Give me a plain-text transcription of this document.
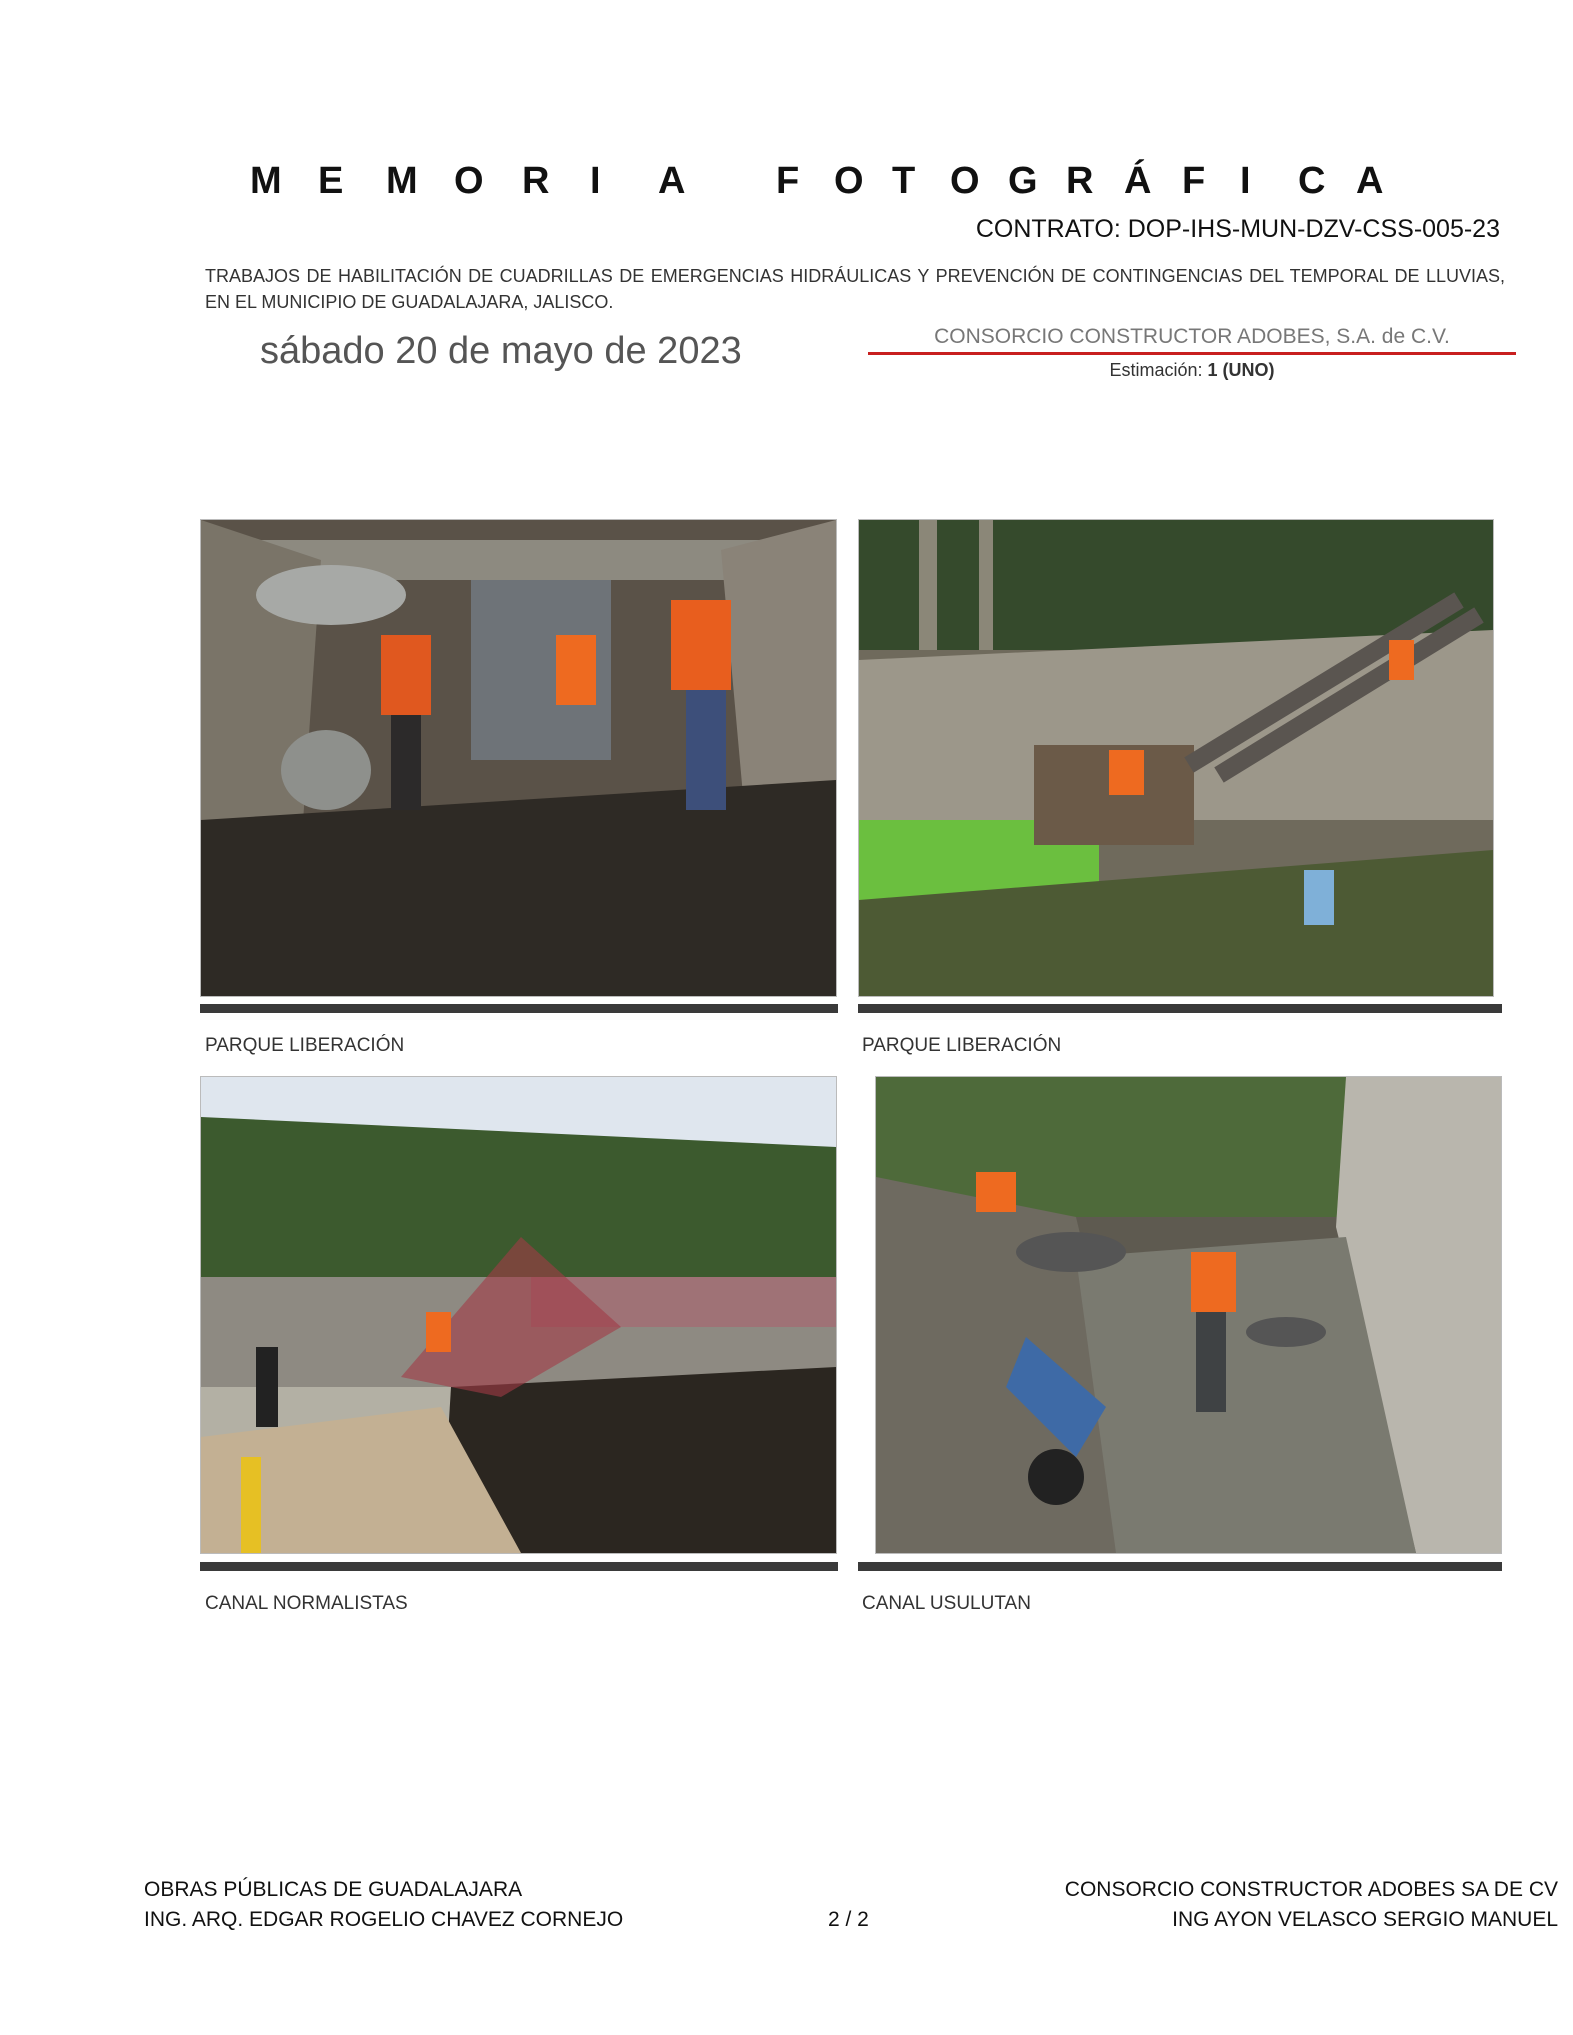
M E M O R I A F O T O G R Á F I C A
CONTRATO: DOP-IHS-MUN-DZV-CSS-005-23
TRABAJOS DE HABILITACIÓN DE CUADRILLAS DE EMERGENCIAS HIDRÁULICAS Y PREVENCIÓN DE CONTINGENCIAS DEL TEMPORAL DE LLUVIAS, EN EL MUNICIPIO DE GUADALAJARA, JALISCO.
sábado 20 de mayo de 2023	CONSORCIO CONSTRUCTOR ADOBES, S.A. de C.V.
Estimación: 1 (UNO)
PARQUE LIBERACIÓN	PARQUE LIBERACIÓN
CANAL NORMALISTAS	CANAL USULUTAN
OBRAS PÚBLICAS DE GUADALAJARA
ING. ARQ. EDGAR ROGELIO CHAVEZ CORNEJO	2 / 2
CONSORCIO CONSTRUCTOR ADOBES SA DE CV
ING AYON VELASCO SERGIO MANUEL
